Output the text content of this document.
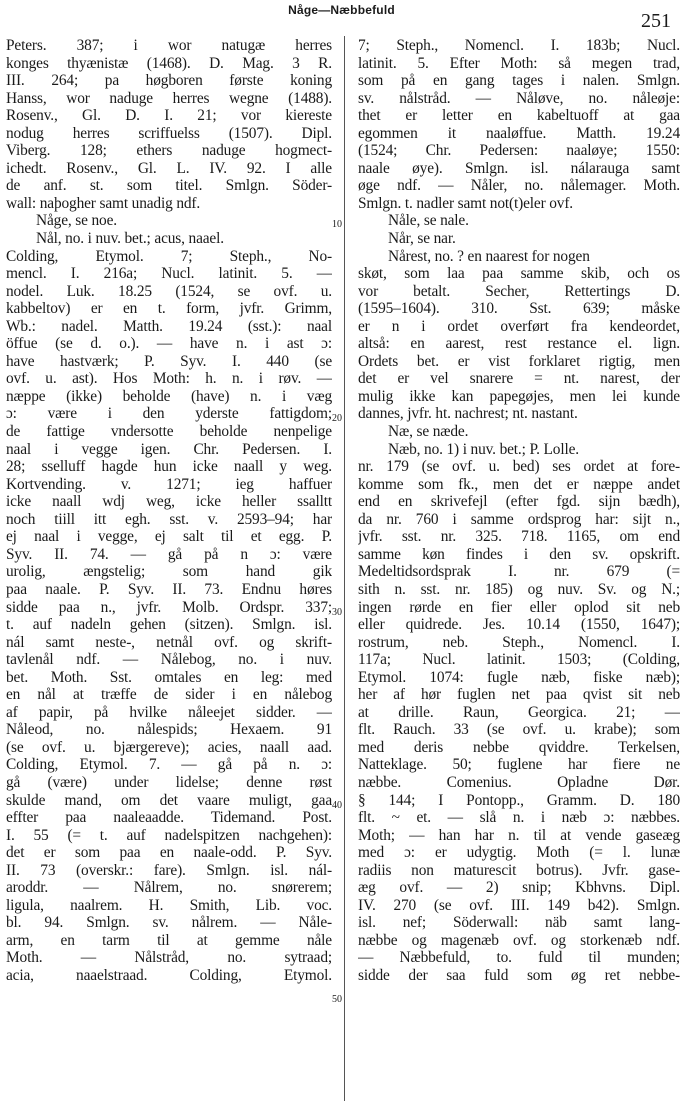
Någe—Næbbefuld	251
10
20
30
40
50
Peters. 387; i wor natugæ herres
konges thyænistæ (1468). D. Mag. 3 R.
III. 264; pa høgboren første koning
Hanss, wor naduge herres wegne (1488).
Rosenv., Gl. D. I. 21; vor kiereste
nodug herres scriffuelss (1507). Dipl.
Viberg. 128; ethers naduge hogmect-
ichedt. Rosenv., Gl. L. IV. 92. I alle
de anf. st. som titel. Smlgn. Söder-
wall: naþogher samt unadig ndf.
Någe, se noe.
Nål, no. i nuv. bet.; acus, naael.
Colding, Etymol. 7; Steph., No-
mencl. I. 216a; Nucl. latinit. 5. —
nodel. Luk. 18.25 (1524, se ovf. u.
kabbeltov) er en t. form, jvfr. Grimm,
Wb.: nadel. Matth. 19.24 (sst.): naal
öffue (se d. o.). — have n. i ast ɔ:
have hastværk; P. Syv. I. 440 (se
ovf. u. ast). Hos Moth: h. n. i røv. —
næppe (ikke) beholde (have) n. i væg
ɔ: være i den yderste fattigdom;
de fattige vndersotte beholde nenpelige
naal i vegge igen. Chr. Pedersen. I.
28; sselluff hagde hun icke naall y weg.
Kortvending. v. 1271; ieg haffuer
icke naall wdj weg, icke heller ssalltt
noch tiill itt egh. sst. v. 2593–94; har
ej naal i vegge, ej salt til et egg. P.
Syv. II. 74. — gå på n ɔ: være
urolig, ængstelig; som hand gik
paa naale. P. Syv. II. 73. Endnu høres
sidde paa n., jvfr. Molb. Ordspr. 337;
t. auf nadeln gehen (sitzen). Smlgn. isl.
nál samt neste-, netnål ovf. og skrift-
tavlenål ndf. — Nålebog, no. i nuv.
bet. Moth. Sst. omtales en leg: med
en nål at træffe de sider i en nålebog
af papir, på hvilke nåleejet sidder. —
Nåleod, no. nålespids; Hexaem. 91
(se ovf. u. bjærgereve); acies, naall aad.
Colding, Etymol. 7. — gå på n. ɔ:
gå (være) under lidelse; denne røst
skulde mand, om det vaare muligt, gaa
effter paa naaleaadde. Tidemand. Post.
I. 55 (= t. auf nadelspitzen nachgehen):
det er som paa en naale-odd. P. Syv.
II. 73 (overskr.: fare). Smlgn. isl. nál-
aroddr. — Nålrem, no. snørerem;
ligula, naalrem. H. Smith, Lib. voc.
bl. 94. Smlgn. sv. nålrem. — Nåle-
arm, en tarm til at gemme nåle
Moth. — Nålstråd, no. sytraad;
acia, naaelstraad. Colding, Etymol.
7; Steph., Nomencl. I. 183b; Nucl.
latinit. 5. Efter Moth: så megen trad,
som på en gang tages i nalen. Smlgn.
sv. nålstråd. — Nåløve, no. nåleøje:
thet er letter en kabeltuoff at gaa
egommen it naaløffue. Matth. 19.24
(1524; Chr. Pedersen: naaløye; 1550:
naale øye). Smlgn. isl. nálarauga samt
øge ndf. — Nåler, no. nålemager. Moth.
Smlgn. t. nadler samt not(t)eler ovf.
Nåle, se nale.
Når, se nar.
Nårest, no. ? en naarest for nogen
skøt, som laa paa samme skib, och os
vor betalt. Secher, Rettertings D.
(1595–1604). 310. Sst. 639; måske
er n i ordet overført fra kendeordet,
altså: en aarest, rest restance el. lign.
Ordets bet. er vist forklaret rigtig, men
det er vel snarere = nt. narest, der
mulig ikke kan papegøjes, men lei kunde
dannes, jvfr. ht. nachrest; nt. nastant.
Næ, se næde.
Næb, no. 1) i nuv. bet.; P. Lolle.
nr. 179 (se ovf. u. bed) ses ordet at fore-
komme som fk., men det er næppe andet
end en skrivefejl (efter fgd. sijn bædh),
da nr. 760 i samme ordsprog har: sijt n.,
jvfr. sst. nr. 325. 718. 1165, om end
samme køn findes i den sv. opskrift.
Medeltidsordsprak I. nr. 679 (=
sith n. sst. nr. 185) og nuv. Sv. og N.;
ingen rørde en fier eller oplod sit neb
eller quidrede. Jes. 10.14 (1550, 1647);
rostrum, neb. Steph., Nomencl. I.
117a; Nucl. latinit. 1503; (Colding,
Etymol. 1074: fugle næb, fiske næb);
her af hør fuglen net paa qvist sit neb
at drille. Raun, Georgica. 21; —
flt. Rauch. 33 (se ovf. u. krabe); som
med deris nebbe qviddre. Terkelsen,
Natteklage. 50; fuglene har fiere ne
næbbe. Comenius. Opladne Dør.
§ 144; I Pontopp., Gramm. D. 180
flt. ~ et. — slå n. i næb ɔ: næbbes.
Moth; — han har n. til at vende gaseæg
med ɔ: er udygtig. Moth (= l. lunæ
radiis non maturescit botrus). Jvfr. gase-
æg ovf. — 2) snip; Kbhvns. Dipl.
IV. 270 (se ovf. III. 149 b42). Smlgn.
isl. nef; Söderwall: näb samt lang-
næbbe og magenæb ovf. og storkenæb ndf.
— Næbbefuld, to. fuld til munden;
sidde der saa fuld som øg ret nebbe-
